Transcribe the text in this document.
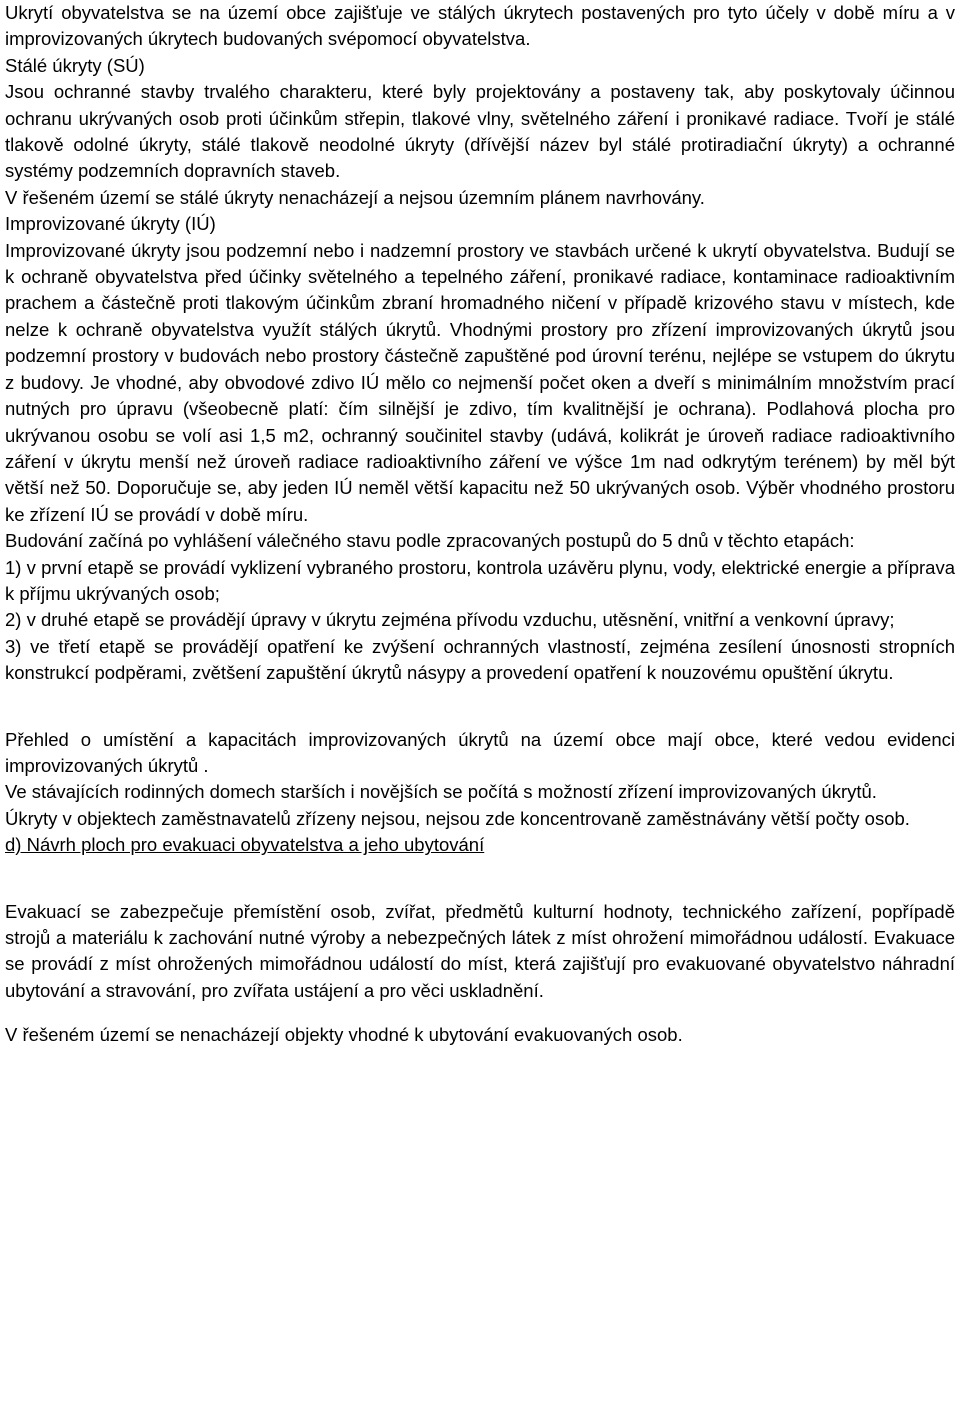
Ukrytí obyvatelstva se na území obce zajišťuje ve stálých úkrytech postavených pro tyto účely v době míru a v improvizovaných úkrytech budovaných svépomocí obyvatelstva.

Stálé úkryty (SÚ)

Jsou ochranné stavby trvalého charakteru, které byly projektovány a postaveny tak, aby poskytovaly účinnou ochranu ukrývaných osob proti účinkům střepin, tlakové vlny, světelného záření i pronikavé radiace. Tvoří je stálé tlakově odolné úkryty, stálé tlakově neodolné úkryty (dřívější název byl stálé protiradiační úkryty) a ochranné systémy podzemních dopravních staveb.

V řešeném území se stálé úkryty nenacházejí a nejsou územním plánem navrhovány.

Improvizované úkryty (IÚ)

Improvizované úkryty jsou podzemní nebo i nadzemní prostory ve stavbách určené k ukrytí obyvatelstva. Budují se k ochraně obyvatelstva před účinky světelného a tepelného záření, pronikavé radiace, kontaminace radioaktivním prachem a částečně proti tlakovým účinkům zbraní hromadného ničení v případě krizového stavu v místech, kde nelze k ochraně obyvatelstva využít stálých úkrytů. Vhodnými prostory pro zřízení improvizovaných úkrytů jsou podzemní prostory v budovách nebo prostory částečně zapuštěné pod úrovní terénu, nejlépe se vstupem do úkrytu z budovy. Je vhodné, aby obvodové zdivo IÚ mělo co nejmenší počet oken a dveří s minimálním množstvím prací nutných pro úpravu (všeobecně platí: čím silnější je zdivo, tím kvalitnější je ochrana). Podlahová plocha pro ukrývanou osobu se volí asi 1,5 m2, ochranný součinitel stavby (udává, kolikrát je úroveň radiace radioaktivního záření v úkrytu menší než úroveň radiace radioaktivního záření ve výšce 1m nad odkrytým terénem) by měl být větší než 50. Doporučuje se, aby jeden IÚ neměl větší kapacitu než 50 ukrývaných osob. Výběr vhodného prostoru ke zřízení IÚ se provádí v době míru.

Budování začíná po vyhlášení válečného stavu podle zpracovaných postupů do 5 dnů v těchto etapách:

1) v první etapě se provádí vyklizení vybraného prostoru, kontrola uzávěru plynu, vody, elektrické energie a příprava k příjmu ukrývaných osob;

2) v druhé etapě se provádějí úpravy v úkrytu zejména přívodu vzduchu, utěsnění, vnitřní a venkovní úpravy;

3) ve třetí etapě se provádějí opatření ke zvýšení ochranných vlastností, zejména zesílení únosnosti stropních konstrukcí podpěrami, zvětšení zapuštění úkrytů násypy a provedení opatření k nouzovému opuštění úkrytu.

Přehled o umístění a kapacitách improvizovaných úkrytů na území obce mají obce, které vedou evidenci improvizovaných úkrytů .

Ve stávajících rodinných domech starších i novějších se počítá s možností zřízení improvizovaných úkrytů.

Úkryty v objektech zaměstnavatelů zřízeny nejsou, nejsou zde koncentrovaně zaměstnávány větší počty osob.

d) Návrh ploch pro evakuaci obyvatelstva a jeho ubytování

Evakuací se zabezpečuje přemístění osob, zvířat, předmětů kulturní hodnoty, technického zařízení, popřípadě strojů a materiálu k zachování nutné výroby a nebezpečných látek z míst ohrožení mimořádnou událostí. Evakuace se provádí z míst ohrožených mimořádnou událostí do míst, která zajišťují pro evakuované obyvatelstvo náhradní ubytování a stravování, pro zvířata ustájení a pro věci uskladnění.

V řešeném území se nenacházejí objekty vhodné k ubytování evakuovaných osob.
